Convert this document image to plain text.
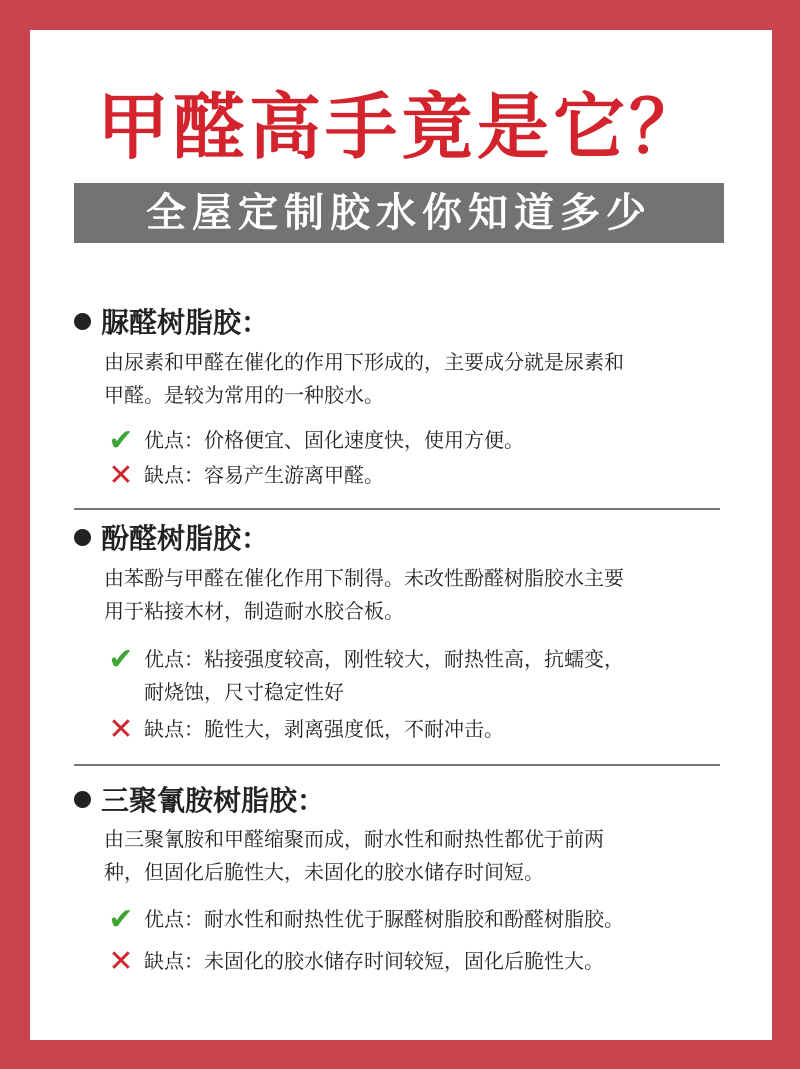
甲醛高手竟是它？
全屋定制胶水你知道多少
脲醛树脂胶：
由尿素和甲醛在催化的作用下形成的，主要成分就是尿素和
甲醛。是较为常用的一种胶水。
✔ 优点：价格便宜、固化速度快，使用方便。
✕ 缺点：容易产生游离甲醛。
酚醛树脂胶：
由苯酚与甲醛在催化作用下制得。未改性酚醛树脂胶水主要
用于粘接木材，制造耐水胶合板。
✔ 优点：粘接强度较高，刚性较大，耐热性高，抗蠕变，
耐烧蚀，尺寸稳定性好
✕ 缺点：脆性大，剥离强度低，不耐冲击。
三聚氰胺树脂胶：
由三聚氰胺和甲醛缩聚而成，耐水性和耐热性都优于前两
种，但固化后脆性大，未固化的胶水储存时间短。
✔ 优点：耐水性和耐热性优于脲醛树脂胶和酚醛树脂胶。
✕ 缺点：未固化的胶水储存时间较短，固化后脆性大。
